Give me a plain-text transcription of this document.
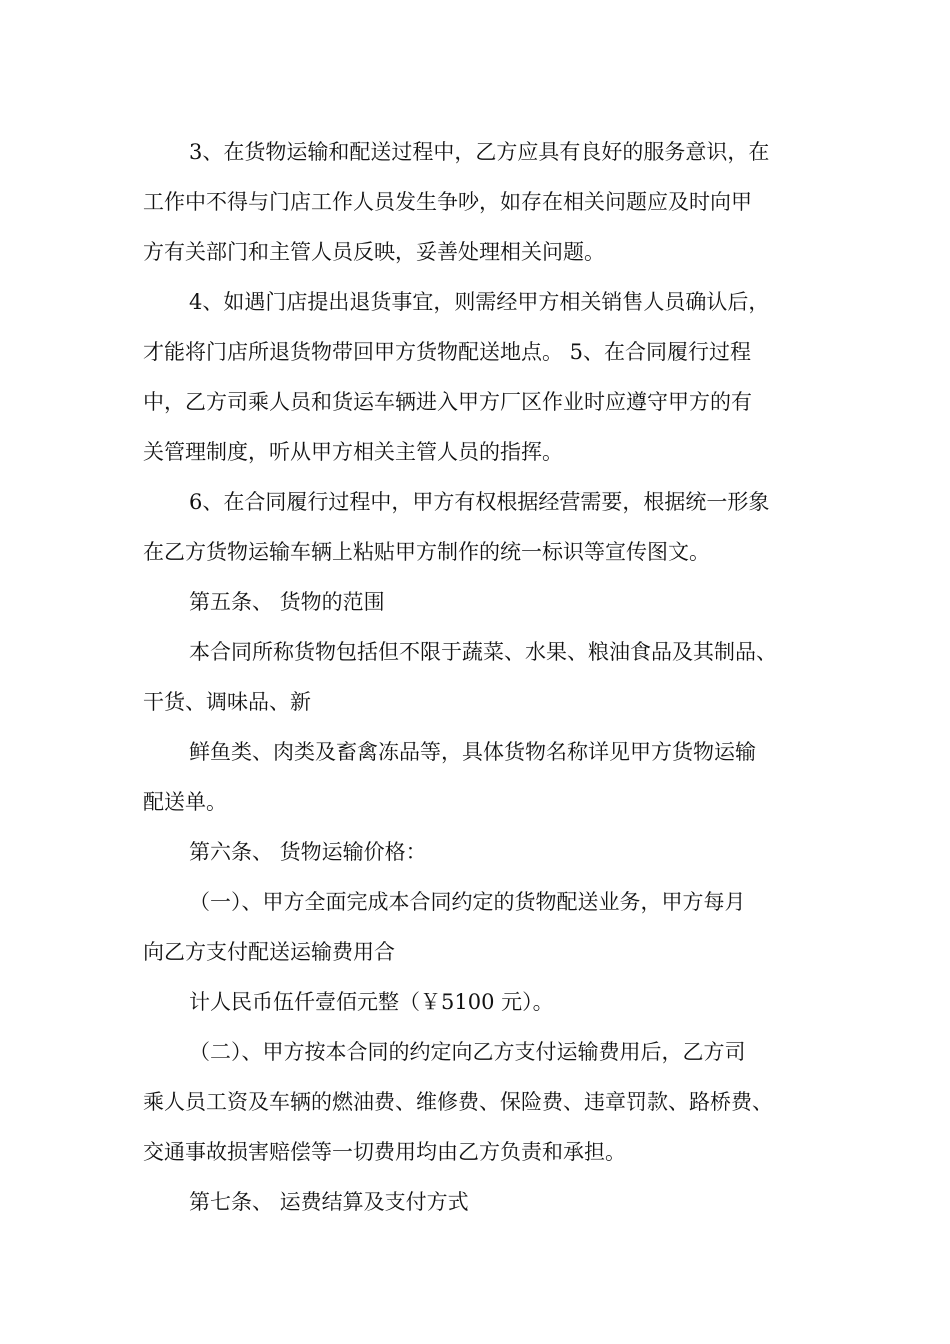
3、在货物运输和配送过程中，乙方应具有良好的服务意识，在
工作中不得与门店工作人员发生争吵，如存在相关问题应及时向甲
方有关部门和主管人员反映，妥善处理相关问题。
4、如遇门店提出退货事宜，则需经甲方相关销售人员确认后，
才能将门店所退货物带回甲方货物配送地点。 5、在合同履行过程
中，乙方司乘人员和货运车辆进入甲方厂区作业时应遵守甲方的有
关管理制度，听从甲方相关主管人员的指挥。
6、在合同履行过程中，甲方有权根据经营需要，根据统一形象
在乙方货物运输车辆上粘贴甲方制作的统一标识等宣传图文。
第五条、 货物的范围
本合同所称货物包括但不限于蔬菜、水果、粮油食品及其制品、
干货、调味品、新
鲜鱼类、肉类及畜禽冻品等，具体货物名称详见甲方货物运输
配送单。
第六条、 货物运输价格：
（一）、甲方全面完成本合同约定的货物配送业务，甲方每月
向乙方支付配送运输费用合
计人民币伍仟壹佰元整（￥5100 元）。
（二）、甲方按本合同的约定向乙方支付运输费用后，乙方司
乘人员工资及车辆的燃油费、维修费、保险费、违章罚款、路桥费、
交通事故损害赔偿等一切费用均由乙方负责和承担。
第七条、 运费结算及支付方式
